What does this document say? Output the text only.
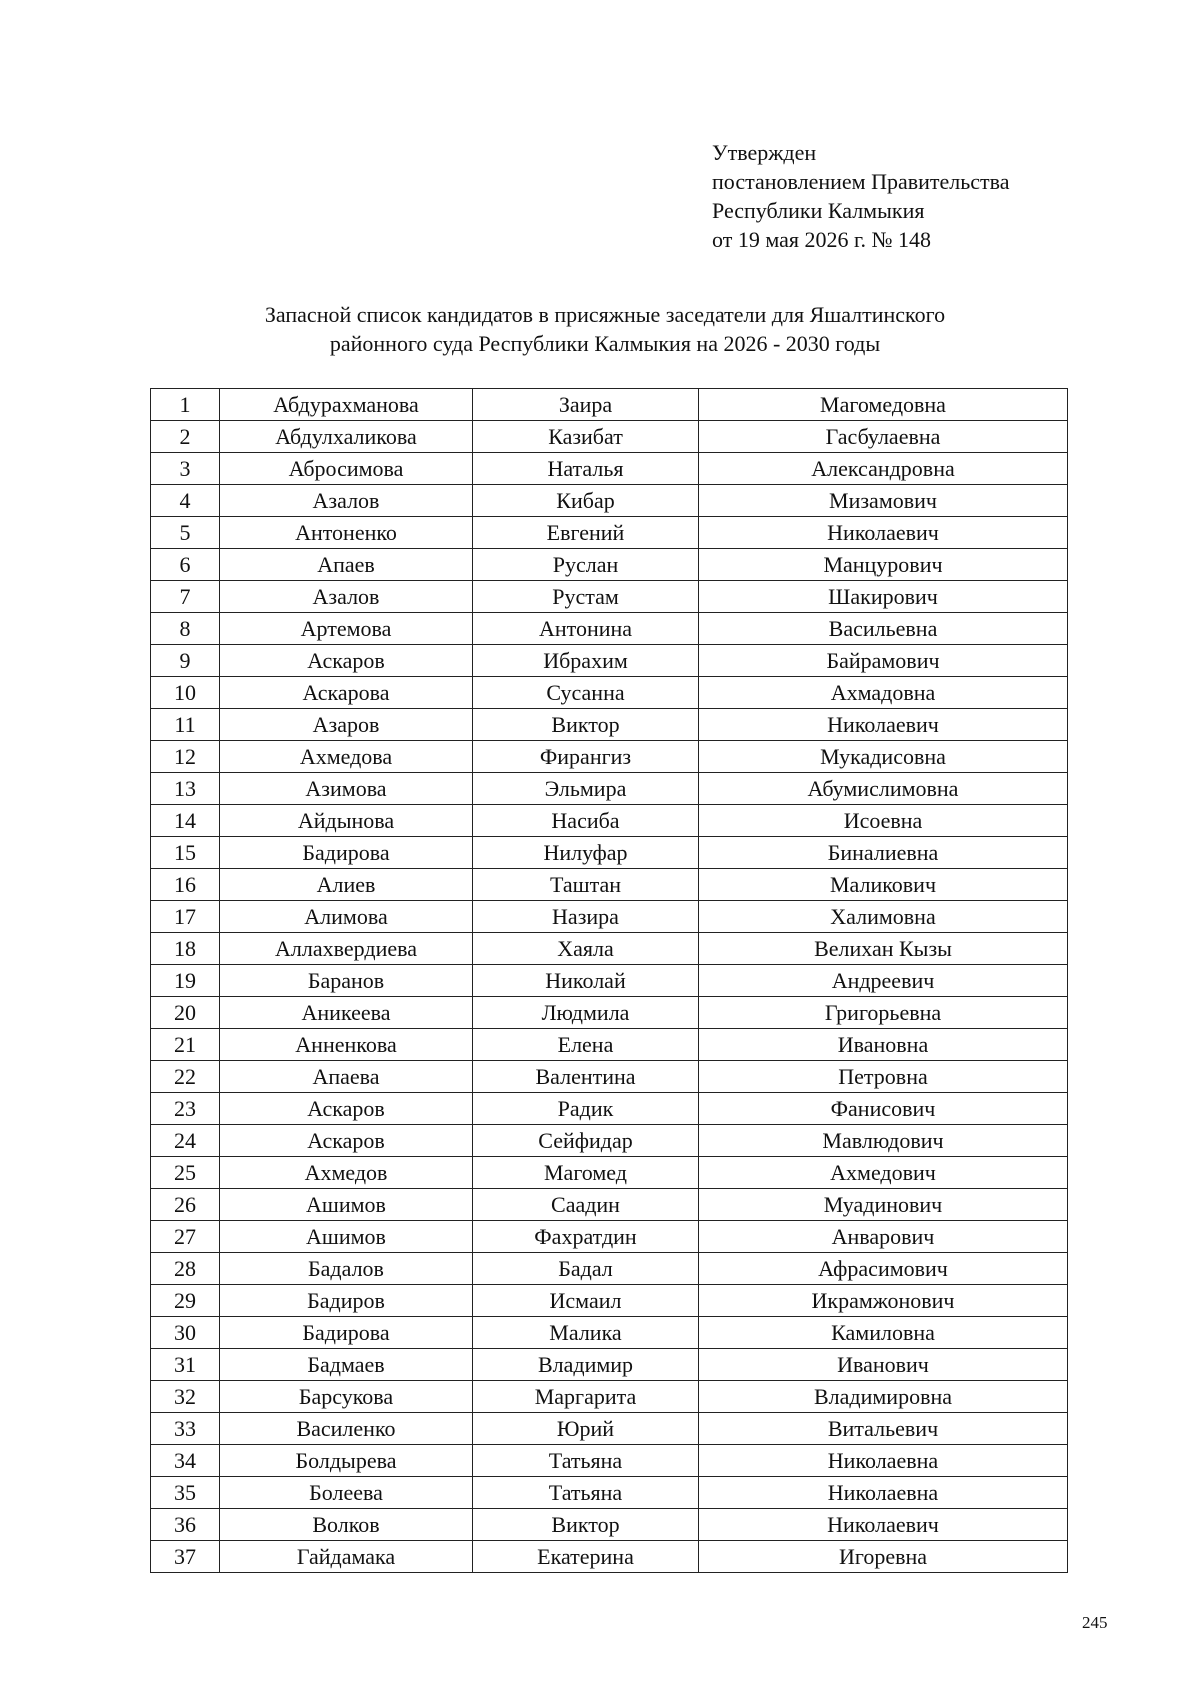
Утвержден
постановлением Правительства
Республики Калмыкия
от 19 мая 2026 г. № 148
Запасной список кандидатов в присяжные заседатели для Яшалтинского
районного суда Республики Калмыкия на 2026 - 2030 годы
1	Абдурахманова	Заира	Магомедовна
2	Абдулхаликова	Казибат	Гасбулаевна
3	Абросимова	Наталья	Александровна
4	Азалов	Кибар	Мизамович
5	Антоненко	Евгений	Николаевич
6	Апаев	Руслан	Манцурович
7	Азалов	Рустам	Шакирович
8	Артемова	Антонина	Васильевна
9	Аскаров	Ибрахим	Байрамович
10	Аскарова	Сусанна	Ахмадовна
11	Азаров	Виктор	Николаевич
12	Ахмедова	Фирангиз	Мукадисовна
13	Азимова	Эльмира	Абумислимовна
14	Айдынова	Насиба	Исоевна
15	Бадирова	Нилуфар	Биналиевна
16	Алиев	Таштан	Маликович
17	Алимова	Назира	Халимовна
18	Аллахвердиева	Хаяла	Велихан Кызы
19	Баранов	Николай	Андреевич
20	Аникеева	Людмила	Григорьевна
21	Анненкова	Елена	Ивановна
22	Апаева	Валентина	Петровна
23	Аскаров	Радик	Фанисович
24	Аскаров	Сейфидар	Мавлюдович
25	Ахмедов	Магомед	Ахмедович
26	Ашимов	Саадин	Муадинович
27	Ашимов	Фахратдин	Анварович
28	Бадалов	Бадал	Афрасимович
29	Бадиров	Исмаил	Икрамжонович
30	Бадирова	Малика	Камиловна
31	Бадмаев	Владимир	Иванович
32	Барсукова	Маргарита	Владимировна
33	Василенко	Юрий	Витальевич
34	Болдырева	Татьяна	Николаевна
35	Болеева	Татьяна	Николаевна
36	Волков	Виктор	Николаевич
37	Гайдамака	Екатерина	Игоревна
245
